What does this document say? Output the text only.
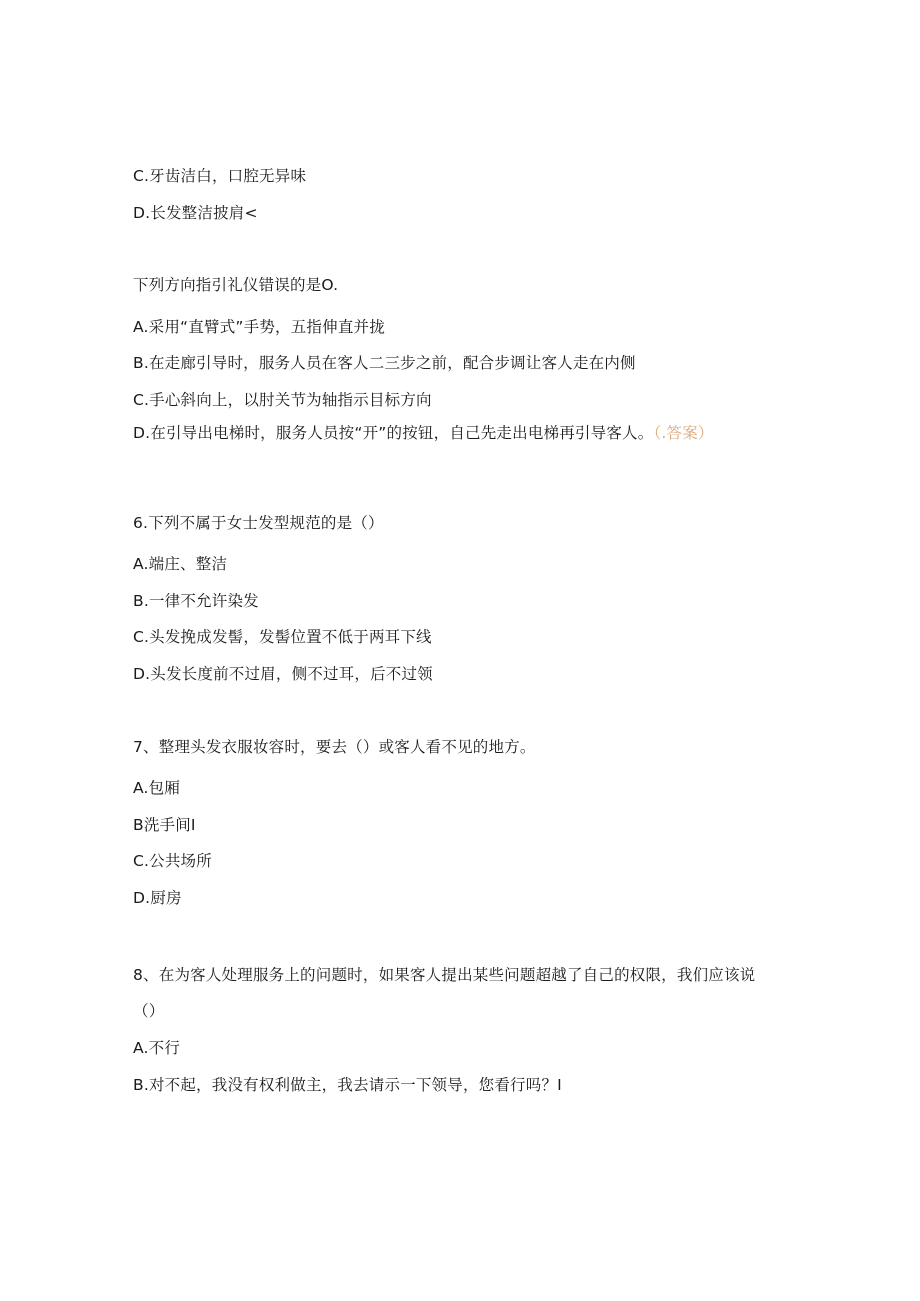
C.牙齿洁白，口腔无异味
D.长发整洁披肩<
下列方向指引礼仪错误的是O.
A.采用“直臂式”手势，五指伸直并拢
B.在走廊引导时，服务人员在客人二三步之前，配合步调让客人走在内侧
C.手心斜向上，以肘关节为轴指示目标方向
D.在引导出电梯时，服务人员按“开”的按钮，自己先走出电梯再引导客人。（.答案）
6.下列不属于女士发型规范的是（）
A.端庄、整洁
B.一律不允许染发
C.头发挽成发髻，发髻位置不低于两耳下线
D.头发长度前不过眉，侧不过耳，后不过领
7、整理头发衣服妆容时，要去（）或客人看不见的地方。
A.包厢
B洗手间I
C.公共场所
D.厨房
8、在为客人处理服务上的问题时，如果客人提出某些问题超越了自己的权限，我们应该说（）
A.不行
B.对不起，我没有权利做主，我去请示一下领导，您看行吗？I
